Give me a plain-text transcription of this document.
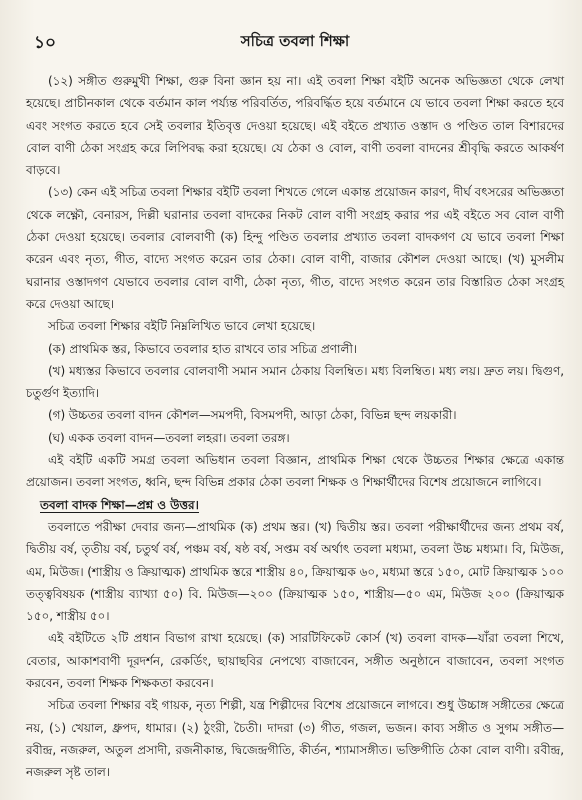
১০	সচিত্র তবলা শিক্ষা

(১২) সঙ্গীত গুরুমুখী শিক্ষা, গুরু বিনা জ্ঞান হয় না। এই তবলা শিক্ষা বইটি অনেক অভিজ্ঞতা থেকে লেখা হয়েছে। প্রাচীনকাল থেকে বর্তমান কাল পর্য্যন্ত পরিবর্তিত, পরিবর্দ্ধিত হয়ে বর্তমানে যে ভাবে তবলা শিক্ষা করতে হবে এবং সংগত করতে হবে সেই তবলার ইতিবৃত্ত দেওয়া হয়েছে। এই বইতে প্রখ্যাত ওস্তাদ ও পণ্ডিত তাল বিশারদের বোল বাণী ঠেকা সংগ্রহ করে লিপিবদ্ধ করা হয়েছে। যে ঠেকা ও বোল, বাণী তবলা বাদনের শ্রীবৃদ্ধি করতে আকর্ষণ বাড়বে।

(১৩) কেন এই সচিত্র তবলা শিক্ষার বইটি তবলা শিখতে গেলে একান্ত প্রয়োজন কারণ, দীর্ঘ বৎসরের অভিজ্ঞতা থেকে লক্ষ্ণৌ, বেনারস, দিল্লী ঘরানার তবলা বাদকের নিকট বোল বাণী সংগ্রহ করার পর এই বইতে সব বোল বাণী ঠেকা দেওয়া হয়েছে। তবলার বোলবাণী (ক) হিন্দু পণ্ডিত তবলার প্রখ্যাত তবলা বাদকগণ যে ভাবে তবলা শিক্ষা করেন এবং নৃত্য, গীত, বাদ্যে সংগত করেন তার ঠেকা। বোল বাণী, বাজার কৌশল দেওয়া আছে। (খ) মুসলীম ঘরানার ওস্তাদগণ যেভাবে তবলার বোল বাণী, ঠেকা নৃত্য, গীত, বাদ্যে সংগত করেন তার বিস্তারিত ঠেকা সংগ্রহ করে দেওয়া আছে।

সচিত্র তবলা শিক্ষার বইটি নিম্নলিখিত ভাবে লেখা হয়েছে।

(ক) প্রাথমিক স্তর, কিভাবে তবলার হাত রাখবে তার সচিত্র প্রণালী।

(খ) মধ্যস্তর কিভাবে তবলার বোলবাণী সমান সমান ঠেকায় বিলম্বিত। মধ্য বিলম্বিত। মধ্য লয়। দ্রুত লয়। দ্বিগুণ, চতুর্গুণ ইত্যাদি।

(গ) উচ্চতর তবলা বাদন কৌশল—সমপদী, বিসমপদী, আড়া ঠেকা, বিভিন্ন ছন্দ লয়কারী।

(ঘ) একক তবলা বাদন—তবলা লহরা। তবলা তরঙ্গ।

এই বইটি একটি সমগ্র তবলা অভিধান তবলা বিজ্ঞান, প্রাথমিক শিক্ষা থেকে উচ্চতর শিক্ষার ক্ষেত্রে একান্ত প্রয়োজন। তবলা সংগত, ধ্বনি, ছন্দ বিভিন্ন প্রকার ঠেকা তবলা শিক্ষক ও শিক্ষার্থীদের বিশেষ প্রয়োজনে লাগিবে।

তবলা বাদক শিক্ষা—প্রশ্ন ও উত্তর।

তবলাতে পরীক্ষা দেবার জন্য—প্রাথমিক (ক) প্রথম স্তর। (খ) দ্বিতীয় স্তর। তবলা পরীক্ষার্থীদের জন্য প্রথম বর্ষ, দ্বিতীয় বর্ষ, তৃতীয় বর্ষ, চতুর্থ বর্ষ, পঞ্চম বর্ষ, ষষ্ঠ বর্ষ, সপ্তম বর্ষ অর্থাৎ তবলা মধ্যমা, তবলা উচ্চ মধ্যমা। বি, মিউজ, এম, মিউজ। (শাস্ত্রীয় ও ক্রিয়াত্মক) প্রাথমিক স্তরে শাস্ত্রীয় ৪০, ক্রিয়াত্মক ৬০, মধ্যমা স্তরে ১৫০, মোট ক্রিয়াত্মক ১০০ তত্ত্ববিষয়ক (শাস্ত্রীয় ব্যাখ্যা ৫০) বি. মিউজ—২০০ (ক্রিয়াত্মক ১৫০, শাস্ত্রীয়—৫০ এম, মিউজ ২০০ (ক্রিয়াত্মক ১৫০, শাস্ত্রীয় ৫০।

এই বইটিতে ২টি প্রধান বিভাগ রাখা হয়েছে। (ক) সারটিফিকেট কোর্স (খ) তবলা বাদক—যাঁরা তবলা শিখে, বেতার, আকাশবাণী দূরদর্শন, রেকর্ডিং, ছায়াছবির নেপথ্যে বাজাবেন, সঙ্গীত অনুষ্ঠানে বাজাবেন, তবলা সংগত করবেন, তবলা শিক্ষক শিক্ষকতা করবেন।

সচিত্র তবলা শিক্ষার বই গায়ক, নৃত্য শিল্পী, যন্ত্র শিল্পীদের বিশেষ প্রয়োজনে লাগবে। শুধু উচ্চাঙ্গ সঙ্গীতের ক্ষেত্রে নয়, (১) খেয়াল, ধ্রুপদ, ধামার। (২) ঠুংরী, চৈতী। দাদরা (৩) গীত, গজল, ভজন। কাব্য সঙ্গীত ও সুগম সঙ্গীত—রবীন্দ্র, নজরুল, অতুল প্রসাদী, রজনীকান্ত, দ্বিজেন্দ্রগীতি, কীর্তন, শ্যামাসঙ্গীত। ভক্তিগীতি ঠেকা বোল বাণী। রবীন্দ্র, নজরুল সৃষ্ট তাল।
